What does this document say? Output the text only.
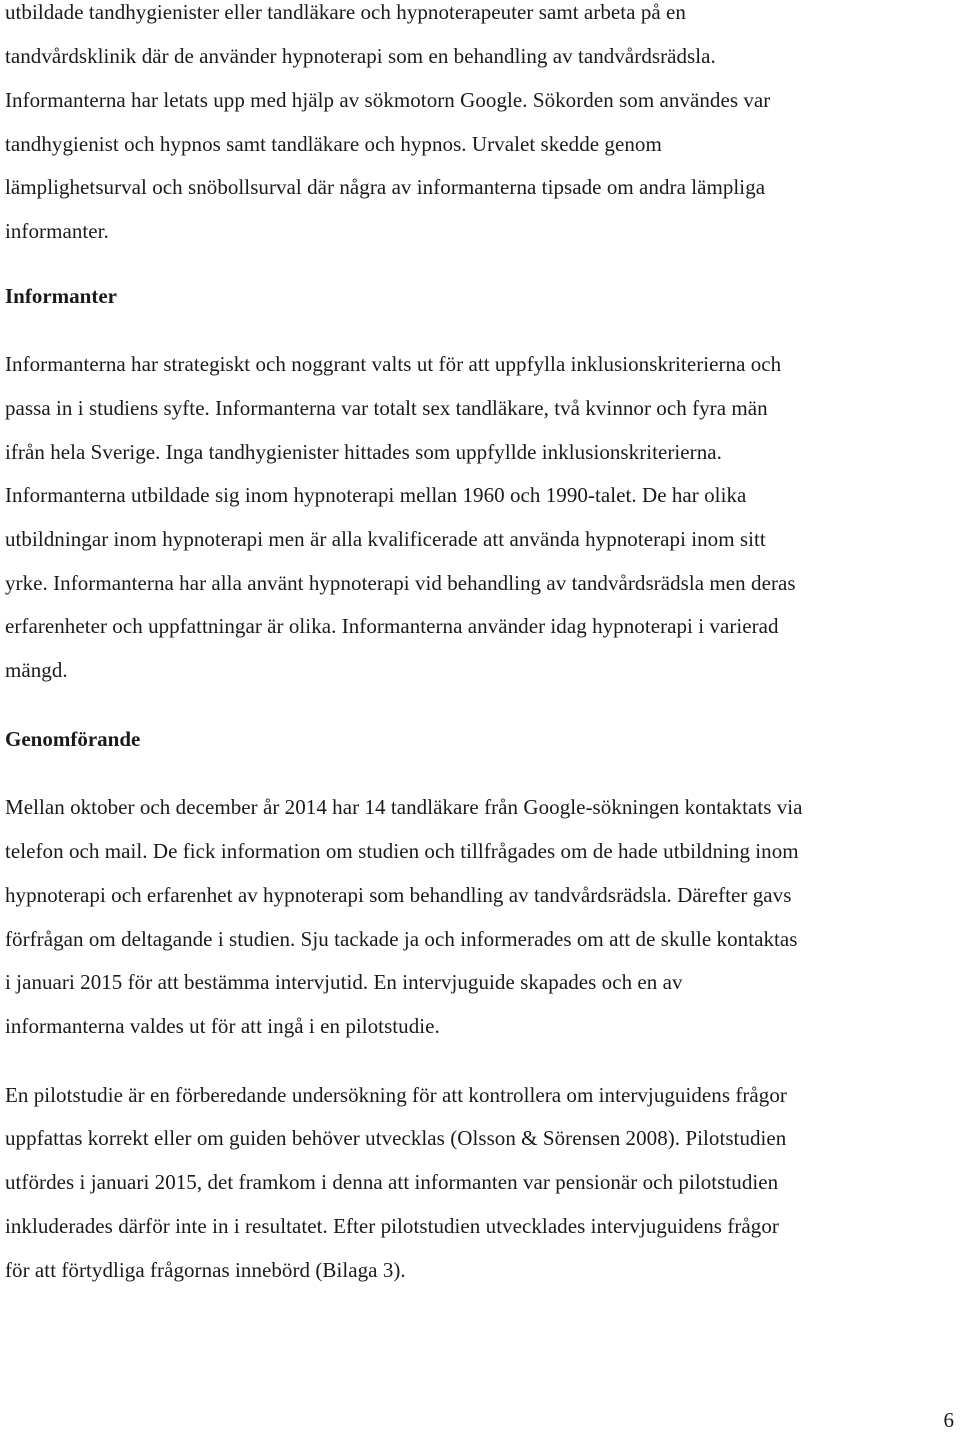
utbildade tandhygienister eller tandläkare och hypnoterapeuter samt arbeta på en
tandvårdsklinik där de använder hypnoterapi som en behandling av tandvårdsrädsla.
Informanterna har letats upp med hjälp av sökmotorn Google. Sökorden som användes var
tandhygienist och hypnos samt tandläkare och hypnos. Urvalet skedde genom
lämplighetsurval och snöbollsurval där några av informanterna tipsade om andra lämpliga
informanter.
Informanter
Informanterna har strategiskt och noggrant valts ut för att uppfylla inklusionskriterierna och
passa in i studiens syfte. Informanterna var totalt sex tandläkare, två kvinnor och fyra män
ifrån hela Sverige. Inga tandhygienister hittades som uppfyllde inklusionskriterierna.
Informanterna utbildade sig inom hypnoterapi mellan 1960 och 1990-talet. De har olika
utbildningar inom hypnoterapi men är alla kvalificerade att använda hypnoterapi inom sitt
yrke. Informanterna har alla använt hypnoterapi vid behandling av tandvårdsrädsla men deras
erfarenheter och uppfattningar är olika. Informanterna använder idag hypnoterapi i varierad
mängd.
Genomförande
Mellan oktober och december år 2014 har 14 tandläkare från Google-sökningen kontaktats via
telefon och mail. De fick information om studien och tillfrågades om de hade utbildning inom
hypnoterapi och erfarenhet av hypnoterapi som behandling av tandvårdsrädsla. Därefter gavs
förfrågan om deltagande i studien. Sju tackade ja och informerades om att de skulle kontaktas
i januari 2015 för att bestämma intervjutid. En intervjuguide skapades och en av
informanterna valdes ut för att ingå i en pilotstudie.
En pilotstudie är en förberedande undersökning för att kontrollera om intervjuguidens frågor
uppfattas korrekt eller om guiden behöver utvecklas (Olsson & Sörensen 2008). Pilotstudien
utfördes i januari 2015, det framkom i denna att informanten var pensionär och pilotstudien
inkluderades därför inte in i resultatet. Efter pilotstudien utvecklades intervjuguidens frågor
för att förtydliga frågornas innebörd (Bilaga 3).
6
